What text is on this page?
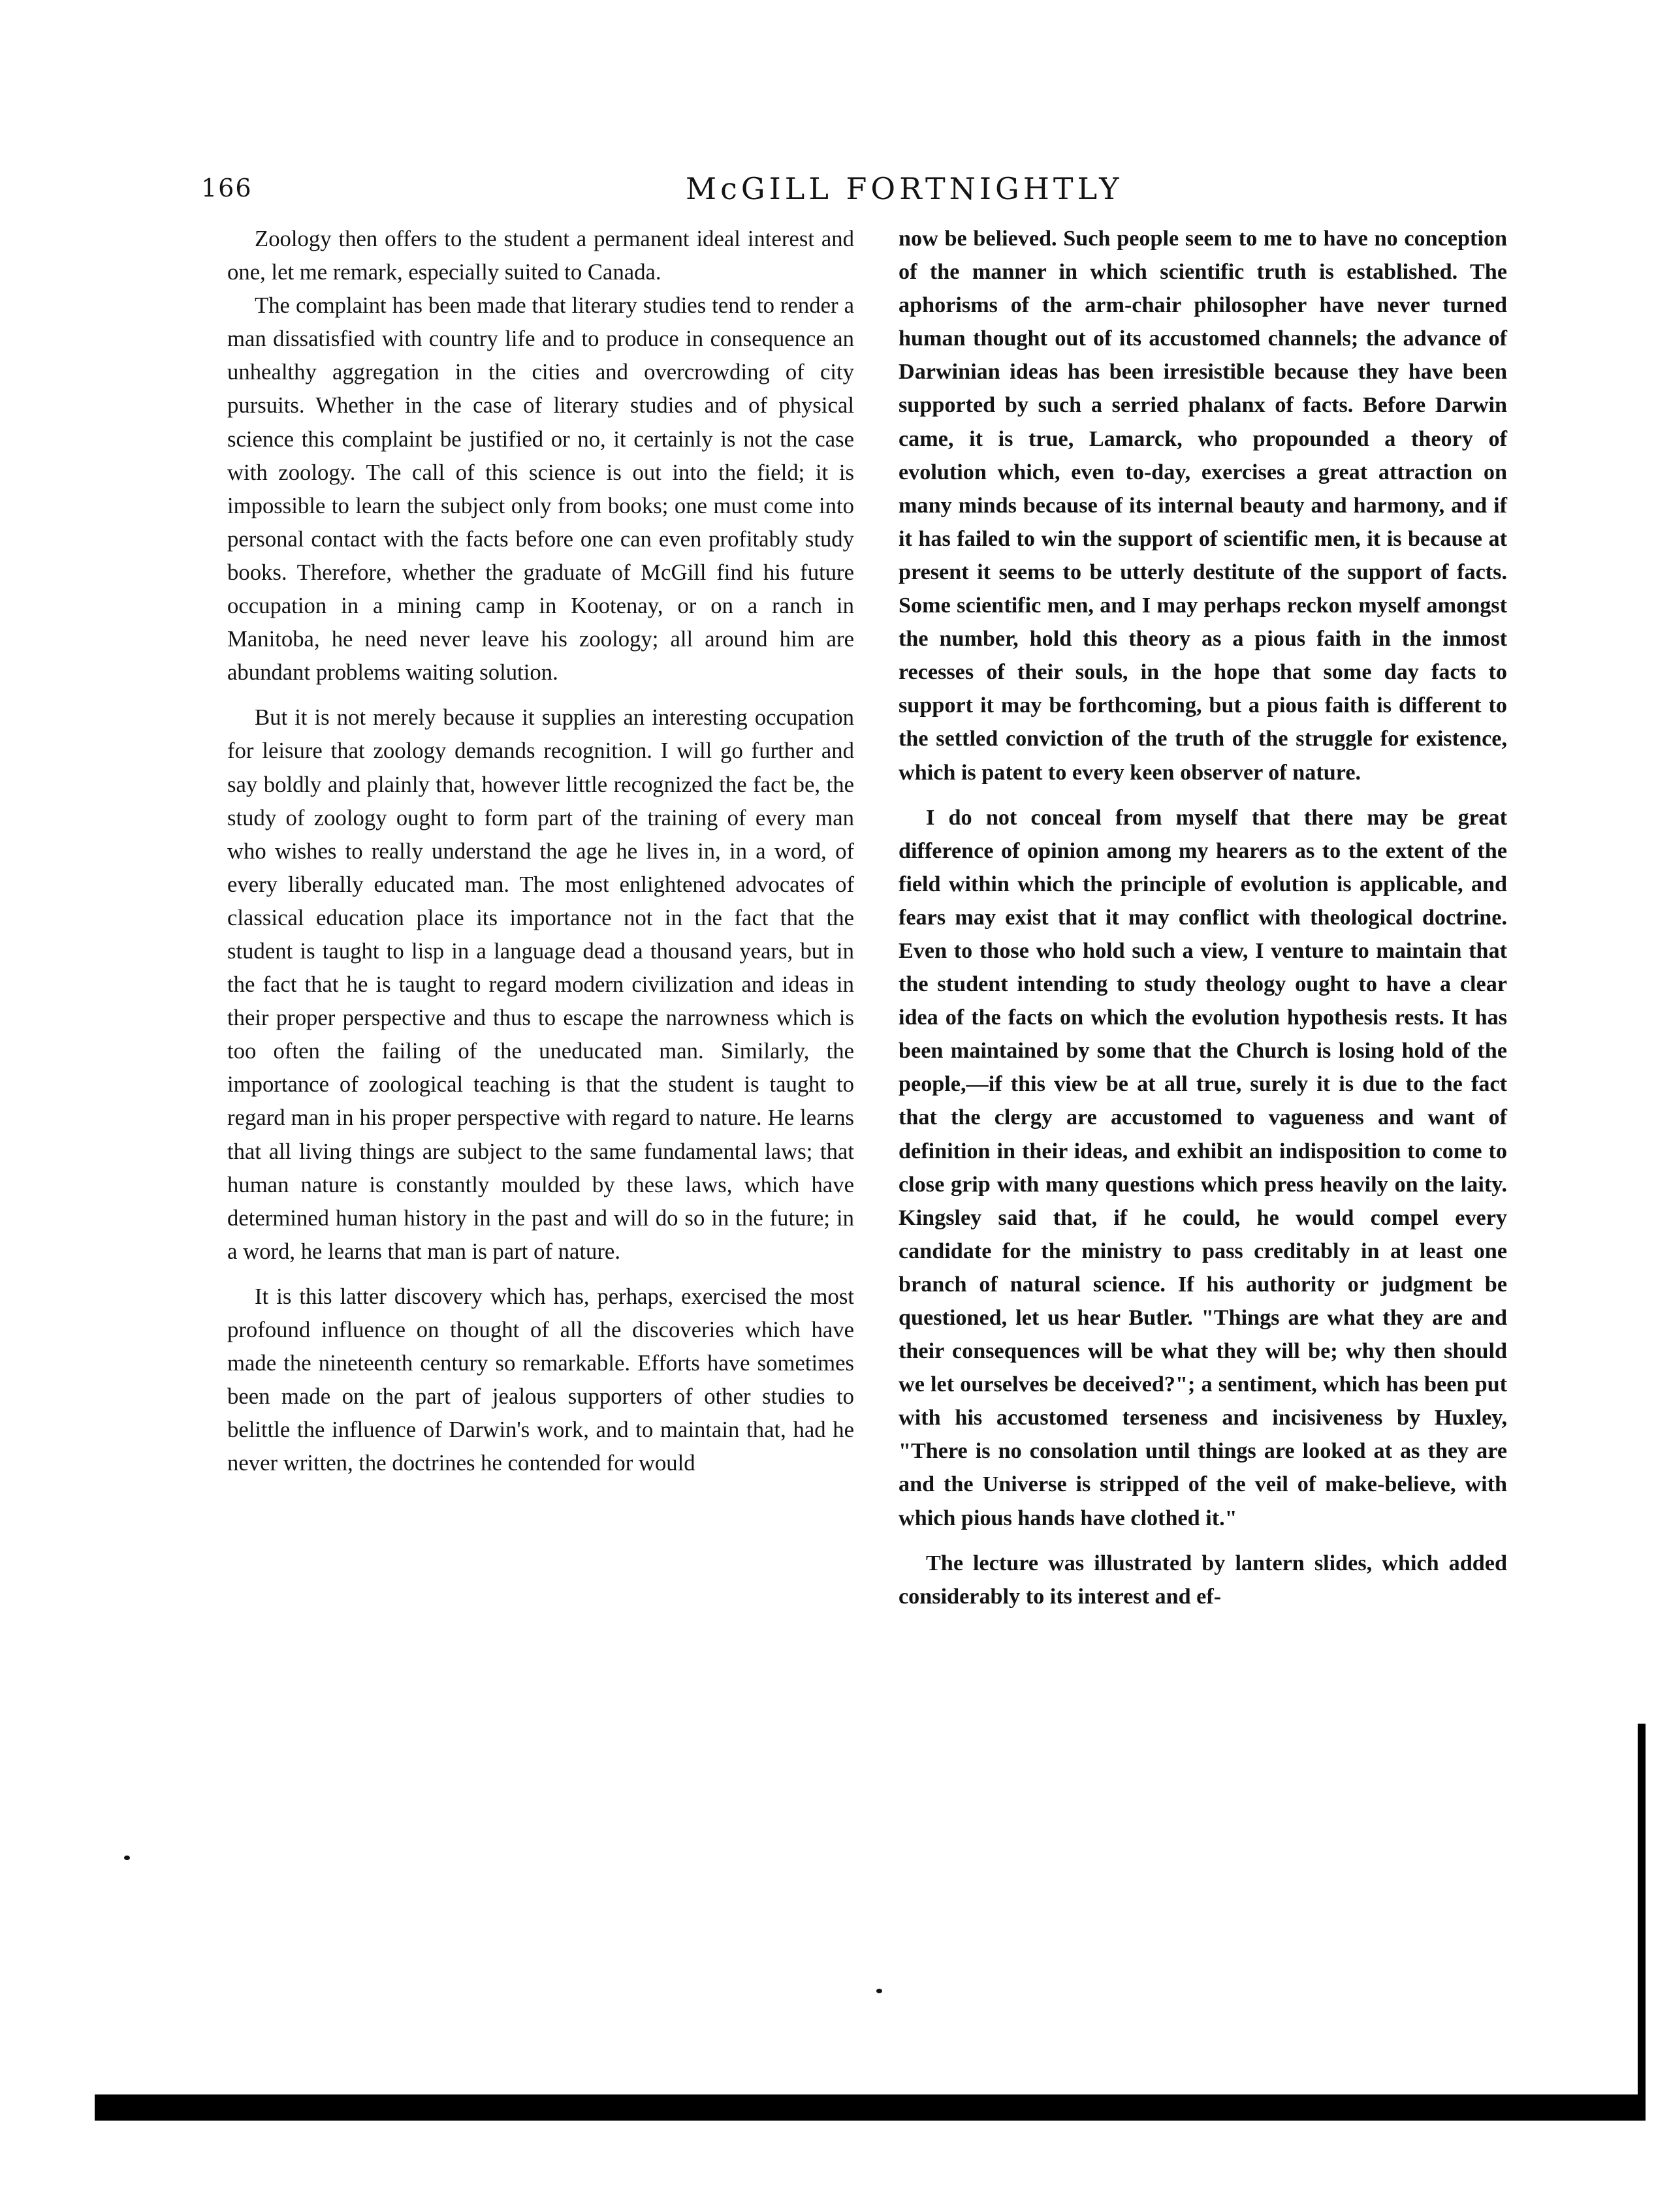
166	McGILL FORTNIGHTLY

Zoology then offers to the student a permanent ideal interest and one, let me remark, especially suited to Canada.

The complaint has been made that literary studies tend to render a man dissatisfied with country life and to produce in consequence an unhealthy aggregation in the cities and overcrowding of city pursuits. Whether in the case of literary studies and of physical science this complaint be justified or no, it certainly is not the case with zoology. The call of this science is out into the field; it is impossible to learn the subject only from books; one must come into personal contact with the facts before one can even profitably study books. Therefore, whether the graduate of McGill find his future occupation in a mining camp in Kootenay, or on a ranch in Manitoba, he need never leave his zoology; all around him are abundant problems waiting solution.

But it is not merely because it supplies an interesting occupation for leisure that zoology demands recognition. I will go further and say boldly and plainly that, however little recognized the fact be, the study of zoology ought to form part of the training of every man who wishes to really understand the age he lives in, in a word, of every liberally educated man. The most enlightened advocates of classical education place its importance not in the fact that the student is taught to lisp in a language dead a thousand years, but in the fact that he is taught to regard modern civilization and ideas in their proper perspective and thus to escape the narrowness which is too often the failing of the uneducated man. Similarly, the importance of zoological teaching is that the student is taught to regard man in his proper perspective with regard to nature. He learns that all living things are subject to the same fundamental laws; that human nature is constantly moulded by these laws, which have determined human history in the past and will do so in the future; in a word, he learns that man is part of nature.

It is this latter discovery which has, perhaps, exercised the most profound influence on thought of all the discoveries which have made the nineteenth century so remarkable. Efforts have sometimes been made on the part of jealous supporters of other studies to belittle the influence of Darwin's work, and to maintain that, had he never written, the doctrines he contended for would

now be believed. Such people seem to me to have no conception of the manner in which scientific truth is established. The aphorisms of the arm-chair philosopher have never turned human thought out of its accustomed channels; the advance of Darwinian ideas has been irresistible because they have been supported by such a serried phalanx of facts. Before Darwin came, it is true, Lamarck, who propounded a theory of evolution which, even to-day, exercises a great attraction on many minds because of its internal beauty and harmony, and if it has failed to win the support of scientific men, it is because at present it seems to be utterly destitute of the support of facts. Some scientific men, and I may perhaps reckon myself amongst the number, hold this theory as a pious faith in the inmost recesses of their souls, in the hope that some day facts to support it may be forthcoming, but a pious faith is different to the settled conviction of the truth of the struggle for existence, which is patent to every keen observer of nature.

I do not conceal from myself that there may be great difference of opinion among my hearers as to the extent of the field within which the principle of evolution is applicable, and fears may exist that it may conflict with theological doctrine. Even to those who hold such a view, I venture to maintain that the student intending to study theology ought to have a clear idea of the facts on which the evolution hypothesis rests. It has been maintained by some that the Church is losing hold of the people,—if this view be at all true, surely it is due to the fact that the clergy are accustomed to vagueness and want of definition in their ideas, and exhibit an indisposition to come to close grip with many questions which press heavily on the laity. Kingsley said that, if he could, he would compel every candidate for the ministry to pass creditably in at least one branch of natural science. If his authority or judgment be questioned, let us hear Butler. "Things are what they are and their consequences will be what they will be; why then should we let ourselves be deceived?"; a sentiment, which has been put with his accustomed terseness and incisiveness by Huxley, "There is no consolation until things are looked at as they are and the Universe is stripped of the veil of make-believe, with which pious hands have clothed it."

The lecture was illustrated by lantern slides, which added considerably to its interest and ef-
